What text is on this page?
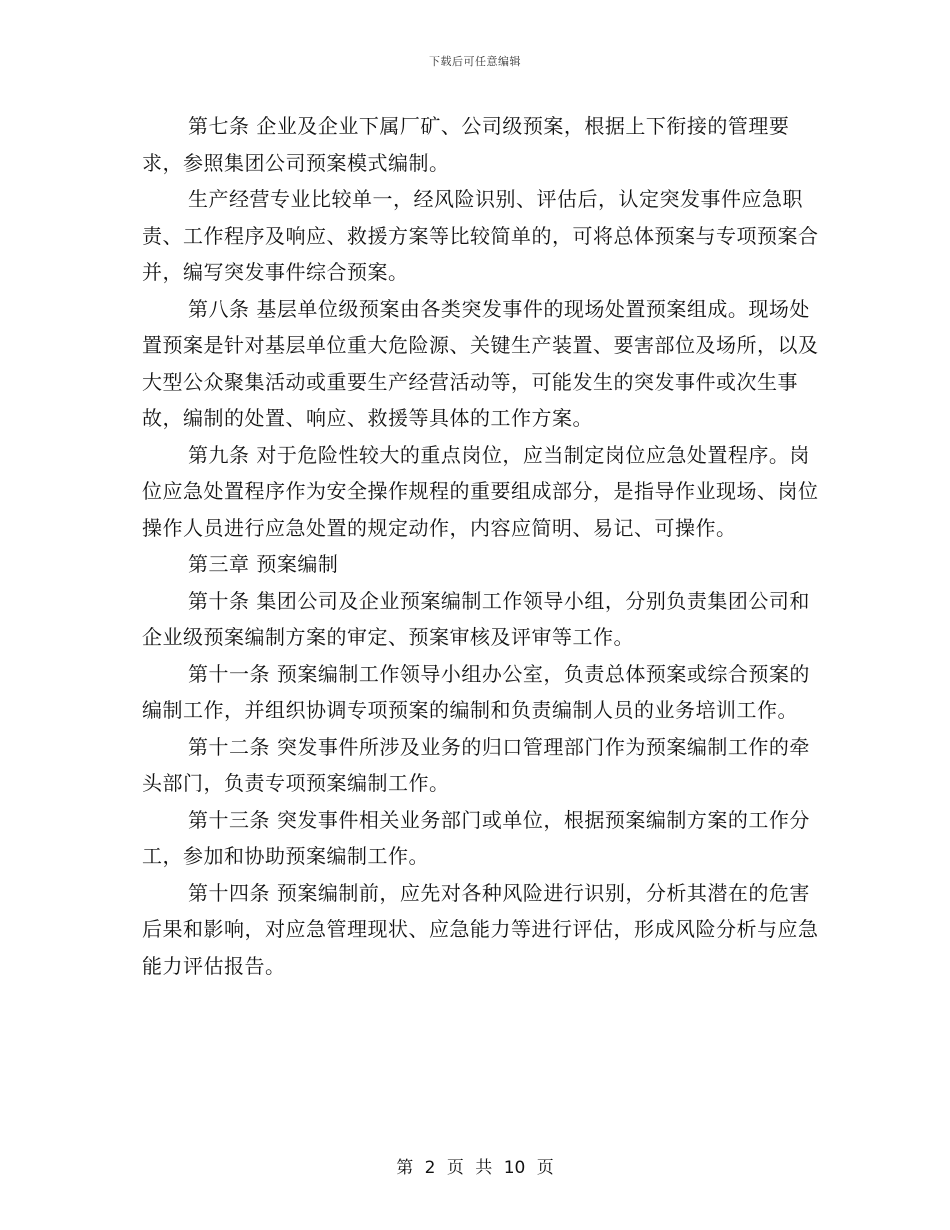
下载后可任意编辑

第七条 企业及企业下属厂矿、公司级预案，根据上下衔接的管理要求，参照集团公司预案模式编制。

生产经营专业比较单一，经风险识别、评估后，认定突发事件应急职责、工作程序及响应、救援方案等比较简单的，可将总体预案与专项预案合并，编写突发事件综合预案。

第八条 基层单位级预案由各类突发事件的现场处置预案组成。现场处置预案是针对基层单位重大危险源、关键生产装置、要害部位及场所，以及大型公众聚集活动或重要生产经营活动等，可能发生的突发事件或次生事故，编制的处置、响应、救援等具体的工作方案。

第九条 对于危险性较大的重点岗位，应当制定岗位应急处置程序。岗位应急处置程序作为安全操作规程的重要组成部分，是指导作业现场、岗位操作人员进行应急处置的规定动作，内容应简明、易记、可操作。

第三章 预案编制

第十条 集团公司及企业预案编制工作领导小组，分别负责集团公司和企业级预案编制方案的审定、预案审核及评审等工作。

第十一条 预案编制工作领导小组办公室，负责总体预案或综合预案的编制工作，并组织协调专项预案的编制和负责编制人员的业务培训工作。

第十二条 突发事件所涉及业务的归口管理部门作为预案编制工作的牵头部门，负责专项预案编制工作。

第十三条 突发事件相关业务部门或单位，根据预案编制方案的工作分工，参加和协助预案编制工作。

第十四条 预案编制前，应先对各种风险进行识别，分析其潜在的危害后果和影响，对应急管理现状、应急能力等进行评估，形成风险分析与应急能力评估报告。

第 2 页 共 10 页
